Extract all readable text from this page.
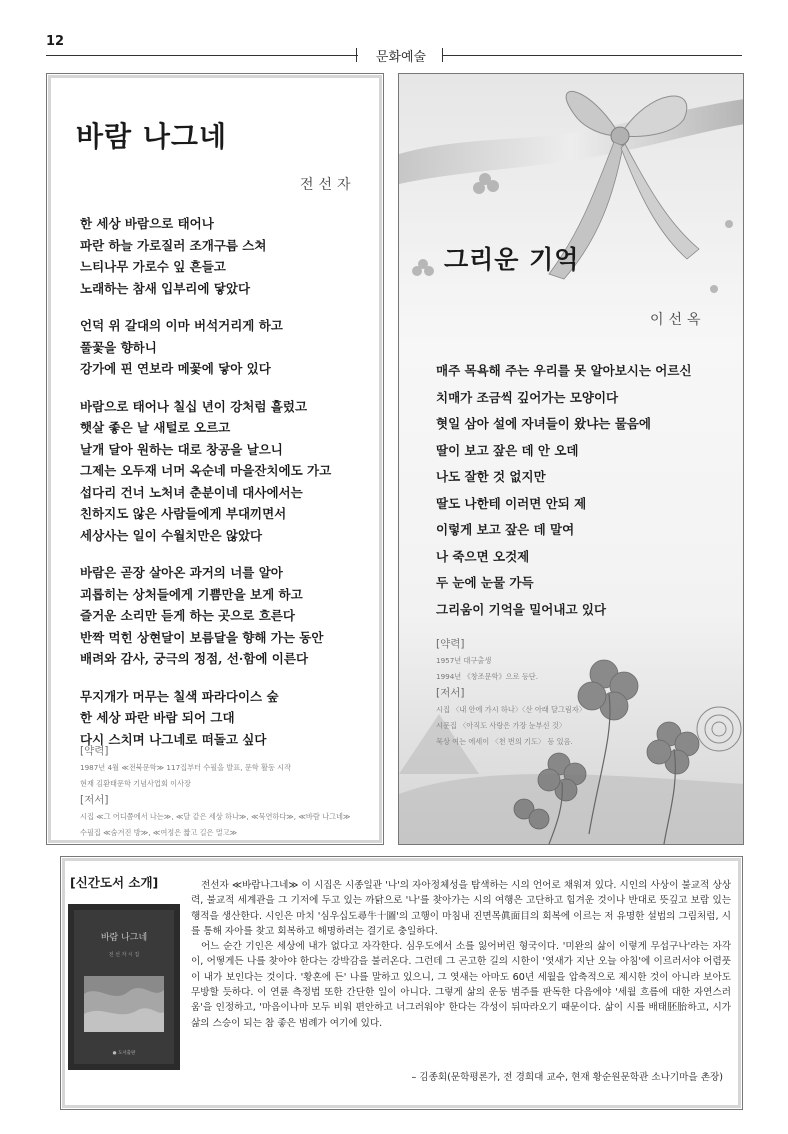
12
문화예술
바람 나그네
전선자
한 세상 바람으로 태어나
파란 하늘 가로질러 조개구름 스쳐
느티나무 가로수 잎 흔들고
노래하는 참새 입부리에 닿았다
언덕 위 갈대의 이마 버석거리게 하고
풀꽃을 향하니
강가에 핀 연보라 메꽃에 닿아 있다
바람으로 태어나 칠십 년이 강처럼 흘렀고
햇살 좋은 날 새털로 오르고
날개 달아 원하는 대로 창공을 날으니
그제는 오두재 너머 옥순네 마을잔치에도 가고
섭다리 건너 노처녀 춘분이네 대사에서는
친하지도 않은 사람들에게 부대끼면서
세상사는 일이 수월치만은 않았다
바람은 곧장 살아온 과거의 너를 알아
괴롭히는 상처들에게 기쁨만을 보게 하고
즐거운 소리만 듣게 하는 곳으로 흐른다
반짝 먹힌 상현달이 보름달을 향해 가는 동안
배려와 감사, 궁극의 정점, 선·함에 이른다
무지개가 머무는 칠색 파라다이스 숲
한 세상 파란 바람 되어 그대
다시 스치며 나그네로 떠돌고 싶다
[약력]
1987년 4월 ≪전북문학≫ 117집부터 수필을 발표, 문학 활동 시작
현재 김환태문학 기념사업회 이사장
[저서]
시집 ≪그 어디쯤에서 나는≫, ≪달 같은 세상 하나≫, ≪묵연하다≫, ≪바람 나그네≫
수필집 ≪숨겨진 방≫, ≪여정은 짧고 길은 멀고≫
그리운 기억
이선옥
매주 목욕해 주는 우리를 못 알아보시는 어르신
치매가 조금씩 깊어가는 모양이다
혓일 삼아 설에 자녀들이 왔냐는 물음에
딸이 보고 잪은 데 안 오데
나도 잘한 것 없지만
딸도 나한테 이러면 안되 제
이렇게 보고 잪은 데 말여
나 죽으면 오것제
두 눈에 눈물 가득
그리움이 기억을 밀어내고 있다
[약력]
1957년 대구출생
1994년 《창조문학》으로 등단.
[저서]
시집 〈내 안에 가시 하나〉〈산 아래 달그림자〉
시문집 〈아직도 사랑은 가장 눈부신 것〉
묵상 여는 에세이 〈천 번의 기도〉 등 있음.
[신간도서 소개]
바람 나그네
전 선 자 시 집
● 도서출판

전선자 ≪바람나그네≫ 이 시집은 시종일관 '나'의 자아정체성을 탐색하는 시의 언어로 채워져 있다. 시인의 사상이 불교적 상상력, 불교적 세계관을 그 기저에 두고 있는 까닭으로 '나'를 찾아가는 시의 여행은 고단하고 힘겨운 것이나 반대로 뜻깊고 보람 있는 행적을 생산한다. 시인은 마치 '심우십도尋牛十圖'의 고행이 마침내 진면목眞面目의 회복에 이르는 저 유명한 설법의 그림처럼, 시를 통해 자아를 찾고 회복하고 해명하려는 결기로 충일하다.

어느 순간 기인은 세상에 내가 없다고 자각한다. 심우도에서 소를 잃어버린 형국이다. '미완의 삶이 이렇게 무섭구나'라는 자각이, 어떻게든 나를 찾아야 한다는 강박감을 불러온다. 그런데 그 곤고한 길의 시한이 '엿새가 지난 오늘 아침'에 이르러서야 어렴풋이 내가 보인다는 것이다. '황혼에 든' 나를 말하고 있으니, 그 엿새는 아마도 60년 세월을 압축적으로 제시한 것이 아니라 보아도 무방할 듯하다. 이 연륜 측정법 또한 간단한 일이 아니다. 그렇게 삶의 운동 범주를 판독한 다음에야 '세월 흐름에 대한 자연스러움'을 인정하고, '마음이나마 모두 비워 편안하고 너그러워야' 한다는 각성이 뒤따라오기 때문이다. 삶이 시를 배태胚胎하고, 시가 삶의 스승이 되는 참 좋은 범례가 여기에 있다.

– 김종회(문학평론가, 전 경희대 교수, 현재 황순원문학관 소나기마을 촌장)
